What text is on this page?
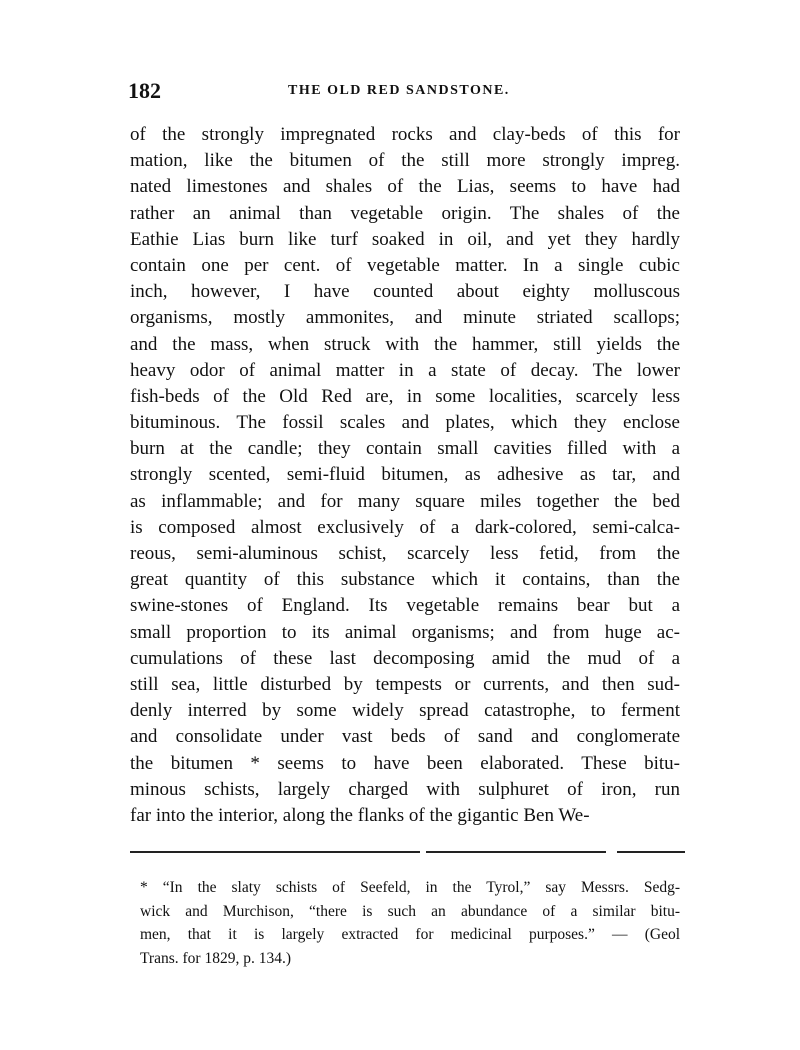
182	THE OLD RED SANDSTONE.
of the strongly impregnated rocks and clay-beds of this for
mation, like the bitumen of the still more strongly impreg.
nated limestones and shales of the Lias, seems to have had
rather an animal than vegetable origin. The shales of the
Eathie Lias burn like turf soaked in oil, and yet they hardly
contain one per cent. of vegetable matter. In a single cubic
inch, however, I have counted about eighty molluscous
organisms, mostly ammonites, and minute striated scallops;
and the mass, when struck with the hammer, still yields the
heavy odor of animal matter in a state of decay. The lower
fish-beds of the Old Red are, in some localities, scarcely less
bituminous. The fossil scales and plates, which they enclose
burn at the candle; they contain small cavities filled with a
strongly scented, semi-fluid bitumen, as adhesive as tar, and
as inflammable; and for many square miles together the bed
is composed almost exclusively of a dark-colored, semi-calca-
reous, semi-aluminous schist, scarcely less fetid, from the
great quantity of this substance which it contains, than the
swine-stones of England. Its vegetable remains bear but a
small proportion to its animal organisms; and from huge ac-
cumulations of these last decomposing amid the mud of a
still sea, little disturbed by tempests or currents, and then sud-
denly interred by some widely spread catastrophe, to ferment
and consolidate under vast beds of sand and conglomerate
the bitumen * seems to have been elaborated. These bitu-
minous schists, largely charged with sulphuret of iron, run
far into the interior, along the flanks of the gigantic Ben We-
* “In the slaty schists of Seefeld, in the Tyrol,” say Messrs. Sedg-
wick and Murchison, “there is such an abundance of a similar bitu-
men, that it is largely extracted for medicinal purposes.” — (Geol
Trans. for 1829, p. 134.)
